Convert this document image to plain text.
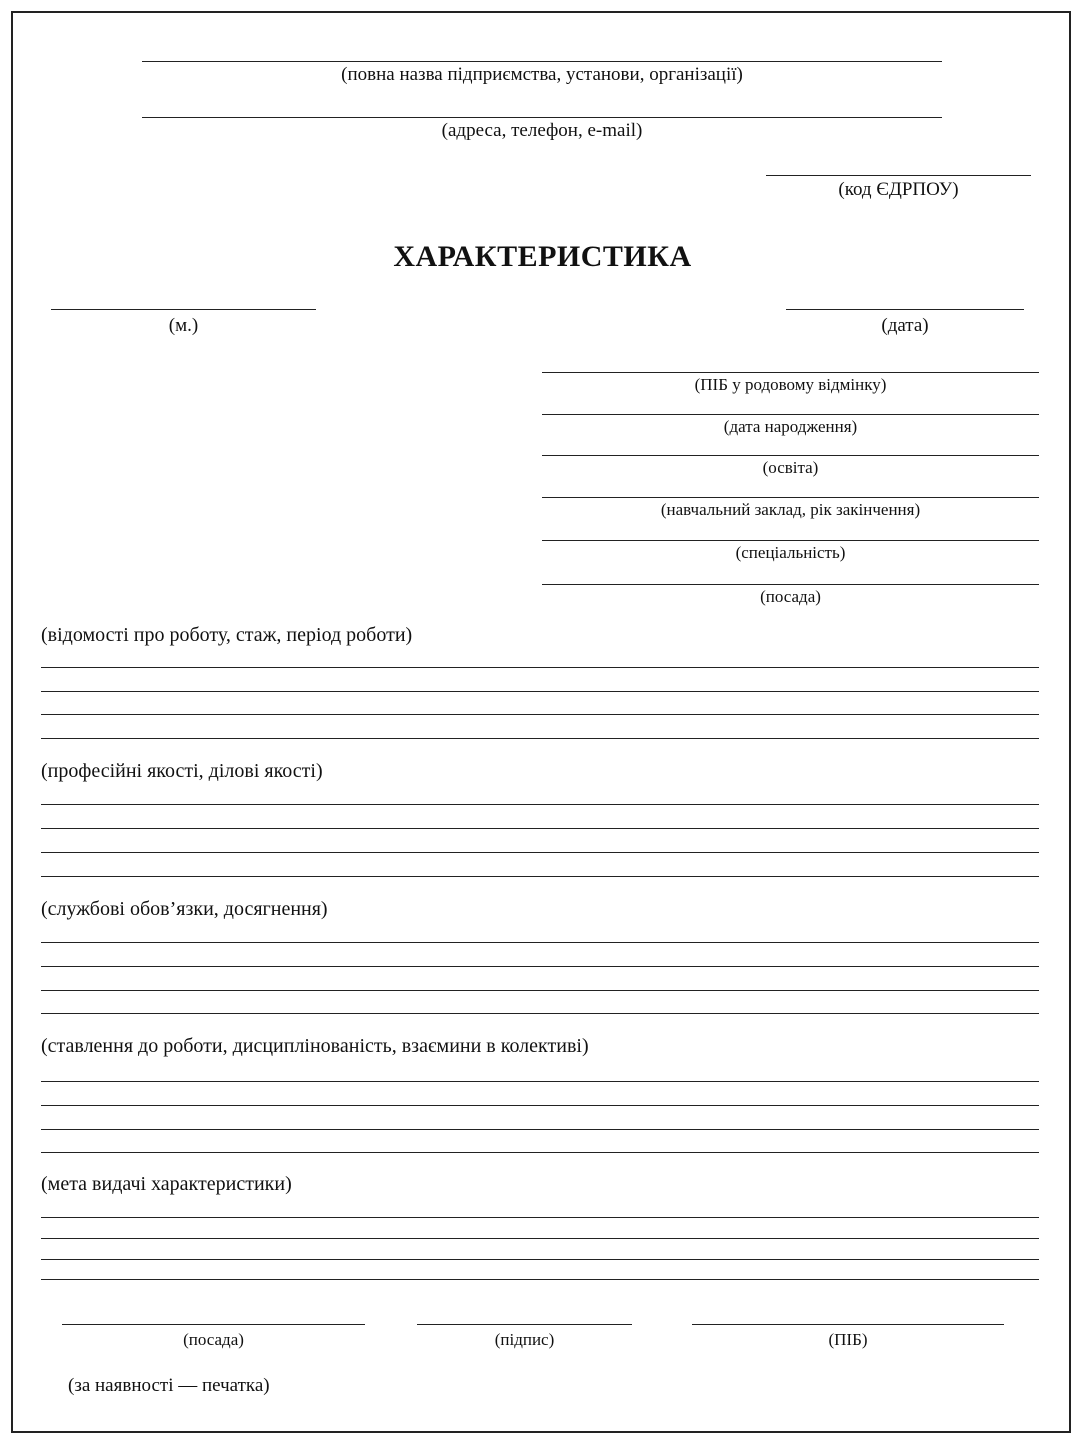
(повна назва підприємства, установи, організації)
(адреса, телефон, e-mail)
(код ЄДРПОУ)
ХАРАКТЕРИСТИКА
(м.)	(дата)
(ПІБ у родовому відмінку)
(дата народження)
(освіта)
(навчальний заклад, рік закінчення)
(спеціальність)
(посада)
(відомості про роботу, стаж, період роботи)
(професійні якості, ділові якості)
(службові обов’язки, досягнення)
(ставлення до роботи, дисциплінованість, взаємини в колективі)
(мета видачі характеристики)
(посада)	(підпис)	(ПІБ)
(за наявності — печатка)
